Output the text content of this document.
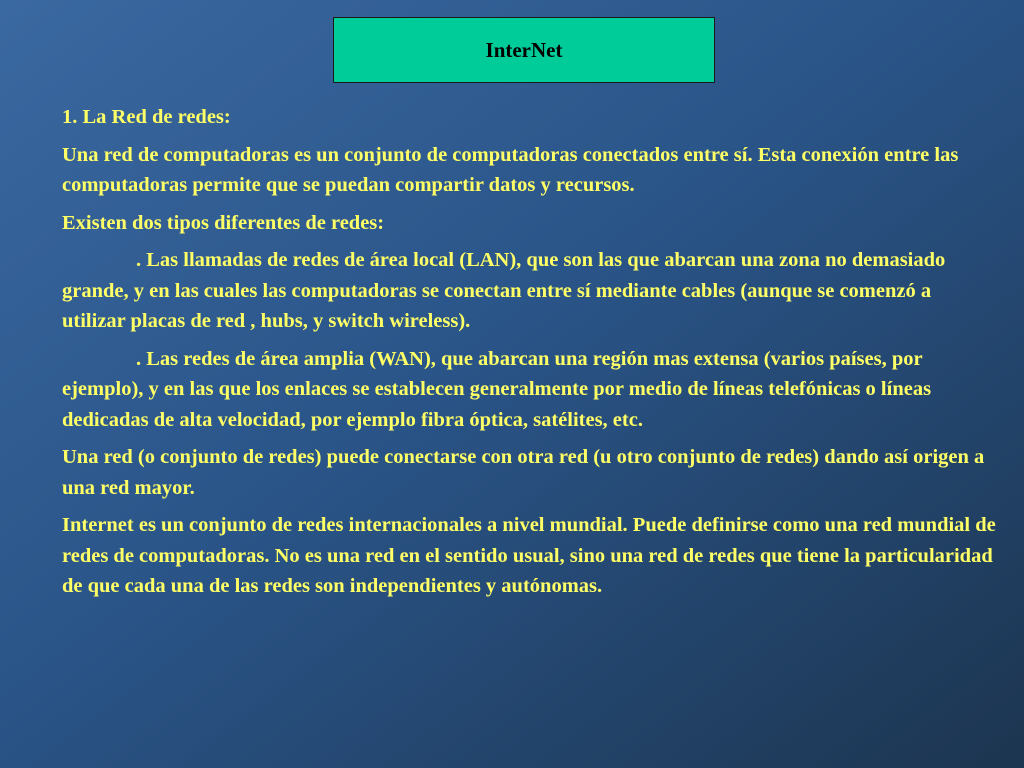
InterNet

1. La Red de redes:

Una red de computadoras es un conjunto de computadoras conectados entre sí. Esta conexión entre las computadoras permite que se puedan compartir datos y recursos.

Existen dos tipos diferentes de redes:

. Las llamadas de redes de área local (LAN), que son las que abarcan una zona no demasiado grande, y en las cuales las computadoras se conectan entre sí mediante cables (aunque se comenzó a utilizar placas de red , hubs, y switch wireless).

. Las redes de área amplia (WAN), que abarcan una región mas extensa (varios países, por ejemplo), y en las que los enlaces se establecen generalmente por medio de líneas telefónicas o líneas dedicadas de alta velocidad, por ejemplo fibra óptica, satélites, etc.

Una red (o conjunto de redes) puede conectarse con otra red (u otro conjunto de redes) dando así origen a una red mayor.

Internet es un conjunto de redes internacionales a nivel mundial. Puede definirse como una red mundial de redes de computadoras. No es una red en el sentido usual, sino una red de redes que tiene la particularidad de que cada una de las redes son independientes y autónomas.
